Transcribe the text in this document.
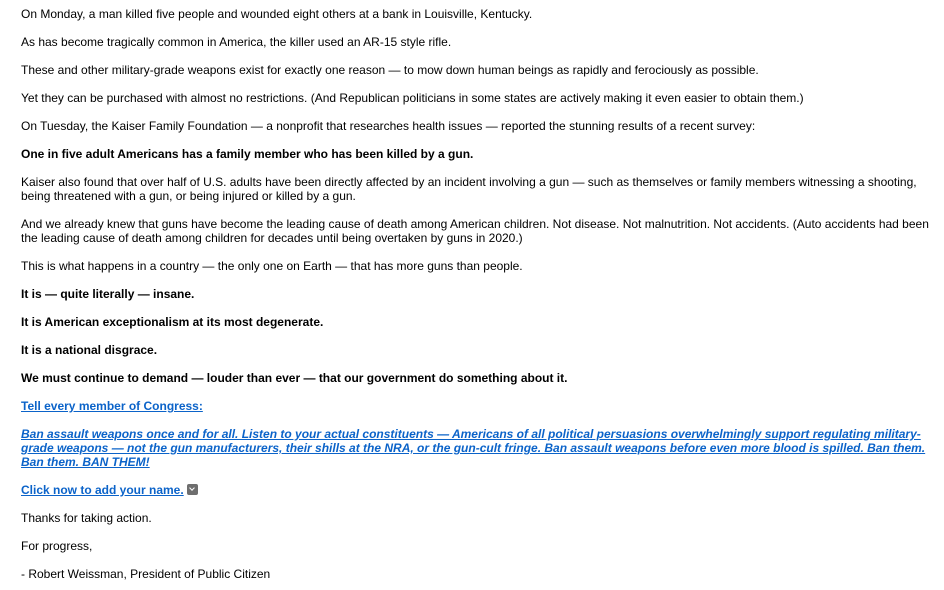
On Monday, a man killed five people and wounded eight others at a bank in Louisville, Kentucky.

As has become tragically common in America, the killer used an AR-15 style rifle.

These and other military-grade weapons exist for exactly one reason — to mow down human beings as rapidly and ferociously as possible.

Yet they can be purchased with almost no restrictions. (And Republican politicians in some states are actively making it even easier to obtain them.)

On Tuesday, the Kaiser Family Foundation — a nonprofit that researches health issues — reported the stunning results of a recent survey:

One in five adult Americans has a family member who has been killed by a gun.

Kaiser also found that over half of U.S. adults have been directly affected by an incident involving a gun — such as themselves or family members witnessing a shooting, being threatened with a gun, or being injured or killed by a gun.

And we already knew that guns have become the leading cause of death among American children. Not disease. Not malnutrition. Not accidents. (Auto accidents had been the leading cause of death among children for decades until being overtaken by guns in 2020.)

This is what happens in a country — the only one on Earth — that has more guns than people.

It is — quite literally — insane.

It is American exceptionalism at its most degenerate.

It is a national disgrace.

We must continue to demand — louder than ever — that our government do something about it.

Tell every member of Congress:

Ban assault weapons once and for all. Listen to your actual constituents — Americans of all political persuasions overwhelmingly support regulating military-grade weapons — not the gun manufacturers, their shills at the NRA, or the gun-cult fringe. Ban assault weapons before even more blood is spilled. Ban them. Ban them. BAN THEM!

Click now to add your name.

Thanks for taking action.

For progress,

- Robert Weissman, President of Public Citizen
